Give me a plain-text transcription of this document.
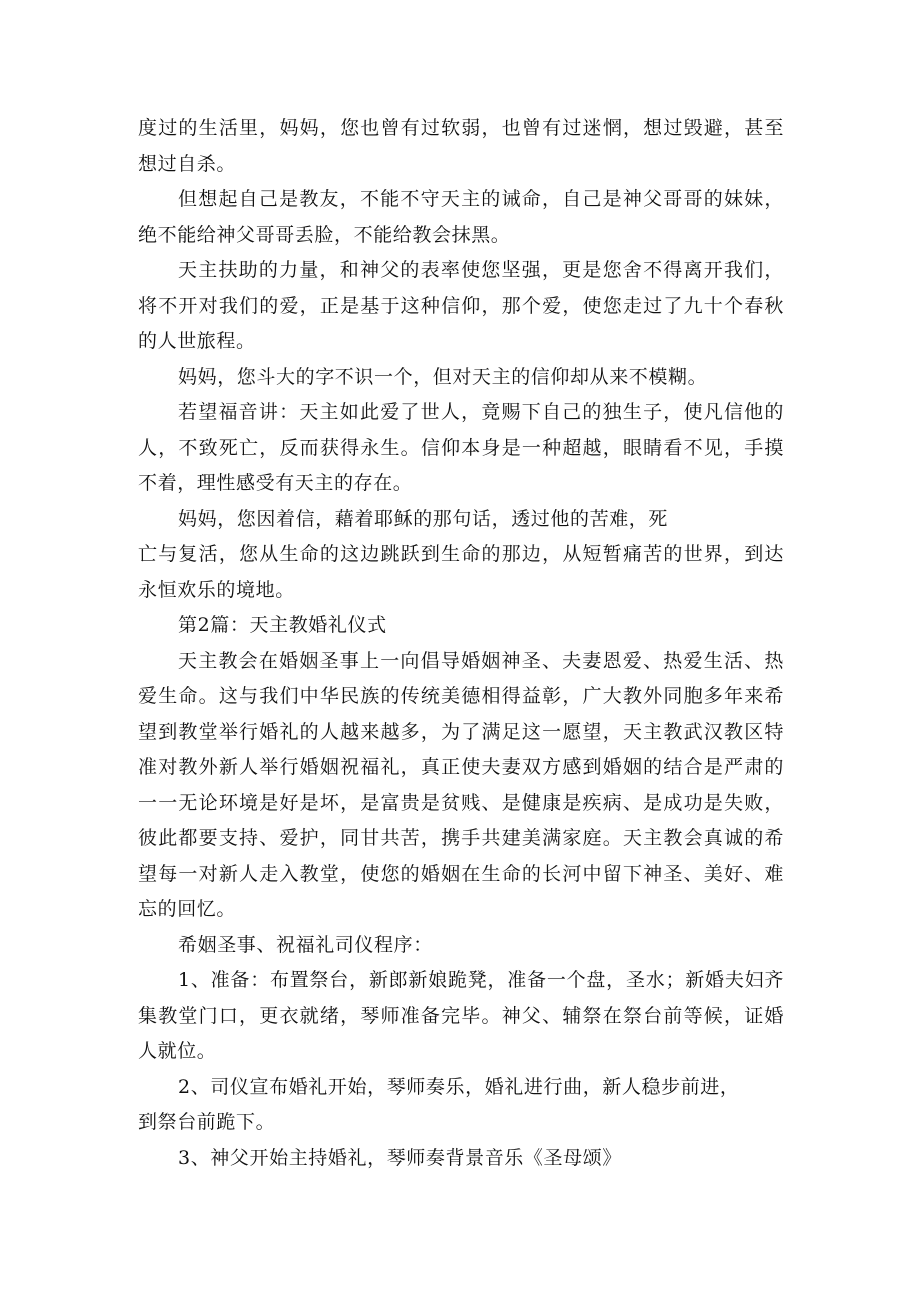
度过的生活里，妈妈，您也曾有过软弱，也曾有过迷惘，想过毁避，甚至想过自杀。

但想起自己是教友，不能不守天主的诫命，自己是神父哥哥的妹妹，绝不能给神父哥哥丢脸，不能给教会抹黑。

天主扶助的力量，和神父的表率使您坚强，更是您舍不得离开我们，将不开对我们的爱，正是基于这种信仰，那个爱，使您走过了九十个春秋的人世旅程。

妈妈，您斗大的字不识一个，但对天主的信仰却从来不模糊。

若望福音讲：天主如此爱了世人，竟赐下自己的独生子，使凡信他的人，不致死亡，反而获得永生。信仰本身是一种超越，眼睛看不见，手摸不着，理性感受有天主的存在。

妈妈，您因着信，藉着耶稣的那句话，透过他的苦难，死

亡与复活，您从生命的这边跳跃到生命的那边，从短暂痛苦的世界，到达永恒欢乐的境地。

第2篇：天主教婚礼仪式

天主教会在婚姻圣事上一向倡导婚姻神圣、夫妻恩爱、热爱生活、热爱生命。这与我们中华民族的传统美德相得益彰，广大教外同胞多年来希望到教堂举行婚礼的人越来越多，为了满足这一愿望，天主教武汉教区特准对教外新人举行婚姻祝福礼，真正使夫妻双方感到婚姻的结合是严肃的一一无论环境是好是坏，是富贵是贫贱、是健康是疾病、是成功是失败，彼此都要支持、爱护，同甘共苦，携手共建美满家庭。天主教会真诚的希望每一对新人走入教堂，使您的婚姻在生命的长河中留下神圣、美好、难忘的回忆。

希姻圣事、祝福礼司仪程序：

1、准备：布置祭台，新郎新娘跪凳，准备一个盘，圣水；新婚夫妇齐集教堂门口，更衣就绪，琴师准备完毕。神父、辅祭在祭台前等候，证婚人就位。

2、司仪宣布婚礼开始，琴师奏乐，婚礼进行曲，新人稳步前进，

到祭台前跪下。

3、神父开始主持婚礼，琴师奏背景音乐《圣母颂》
